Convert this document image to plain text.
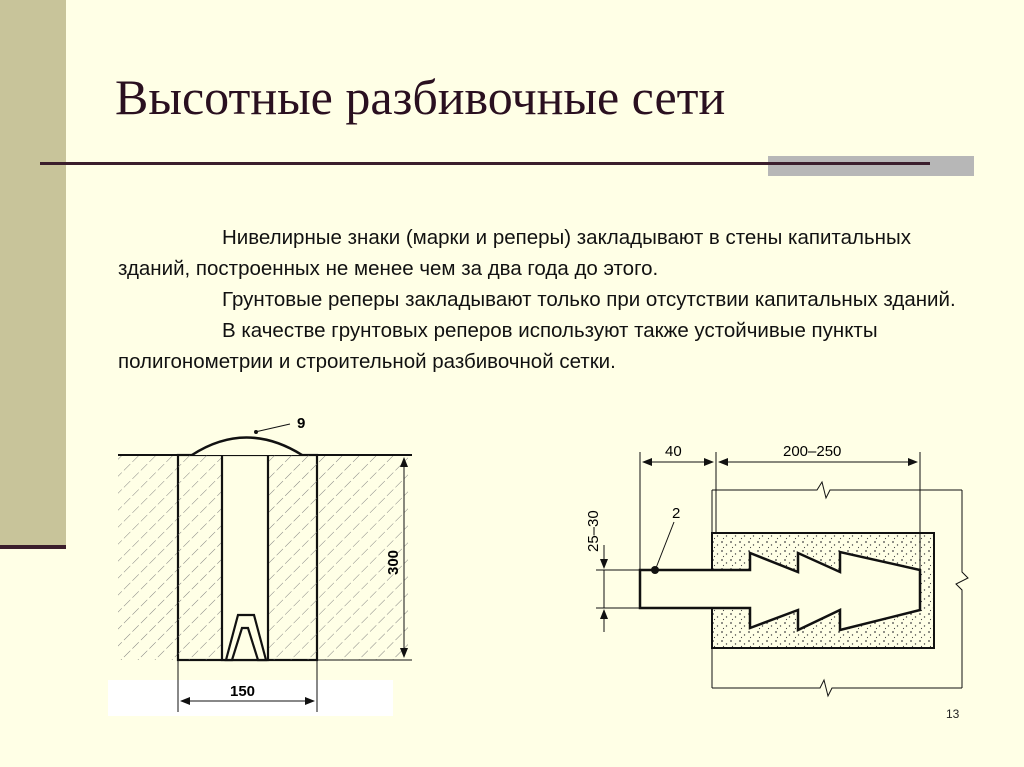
Высотные разбивочные сети

Нивелирные знаки (марки и реперы) закладывают в стены капитальных зданий, построенных не менее чем за два года до этого.

Грунтовые реперы закладывают только при отсутствии капитальных зданий.

В качестве грунтовых реперов используют также устойчивые пункты полигонометрии и строительной разбивочной сетки.

9
300
150
2
40	200–250
25–30
13
